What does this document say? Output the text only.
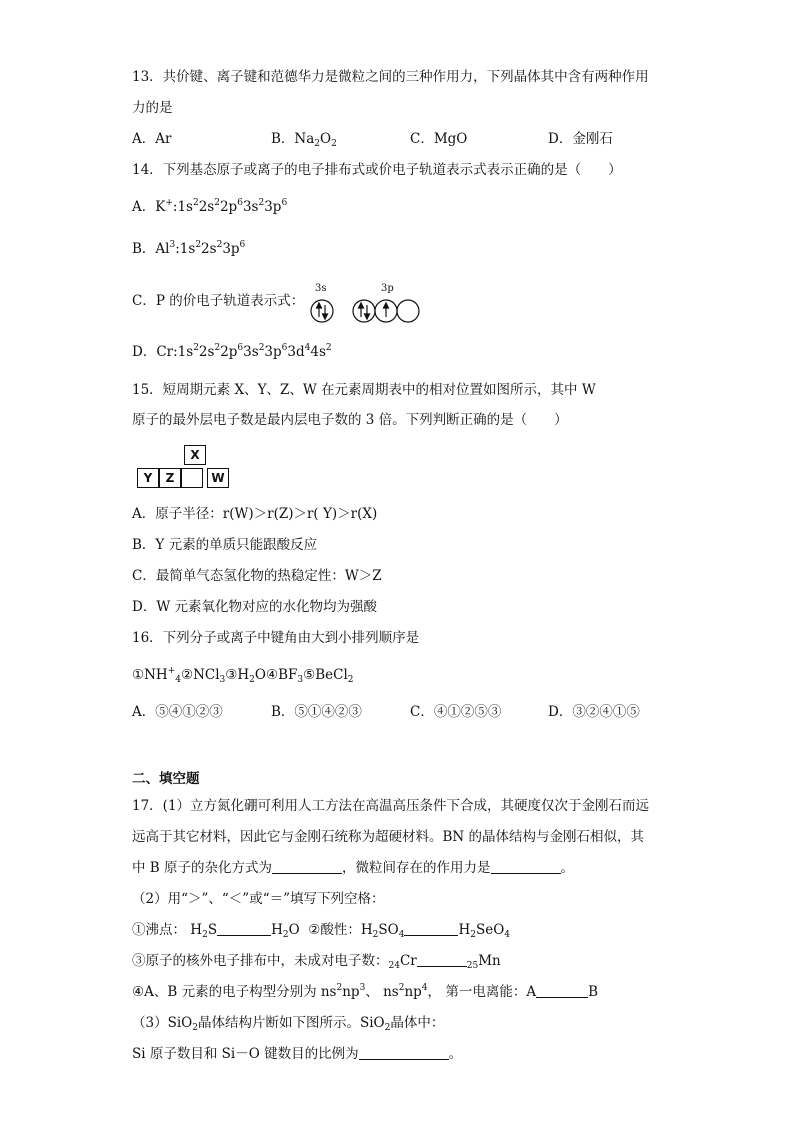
13．共价键、离子键和范德华力是微粒之间的三种作用力，下列晶体其中含有两种作用
力的是
A．Ar	B．$Na_2O_2$	C．MgO	D．金刚石
14．下列基态原子或离子的电子排布式或价电子轨道表示式表示正确的是（　　）
A．$K^+:1s^22s^22p^63s^23p^6$
B．$Al^3:1s^22s^23p^6$
C．P 的价电子轨道表示式：
3s	3p
D．$Cr:1s^22s^22p^63s^23p^63d^44s^2$
15．短周期元素 X、Y、Z、W 在元素周期表中的相对位置如图所示，其中 W
原子的最外层电子数是最内层电子数的 3 倍。下列判断正确的是（　　）
X
Y	Z	W
A．原子半径：r(W)＞r(Z)＞r( Y)＞r(X)
B．Y 元素的单质只能跟酸反应
C．最简单气态氢化物的热稳定性：W＞Z
D．W 元素氧化物对应的水化物均为强酸
16．下列分子或离子中键角由大到小排列顺序是
$①NH^+_4②NCl_3③H_2O④BF_3⑤BeCl_2$
A．⑤④①②③	B．⑤①④②③	C．④①②⑤③	D．③②④①⑤
二、填空题
17．(1）立方氮化硼可利用人工方法在高温高压条件下合成，其硬度仅次于金刚石而远
远高于其它材料，因此它与金刚石统称为超硬材料。BN 的晶体结构与金刚石相似，其
中 B 原子的杂化方式为	，微粒间存在的作用力是	。
（2）用“＞”、“＜”或“＝”填写下列空格：
①沸点： $H_2S$	$H_2O$ ②酸性：$H_2SO_4$	$H_2SeO_4$
③原子的核外电子排布中，未成对电子数：$_{24}$Cr	$_{25}$Mn
④A、B 元素的电子构型分别为 $ns^2np^3$、 $ns^2np^4$， 第一电离能：A	B
（3）SiO$_2$晶体结构片断如下图所示。SiO$_2$晶体中：
Si 原子数目和 Si－O 键数目的比例为	。
